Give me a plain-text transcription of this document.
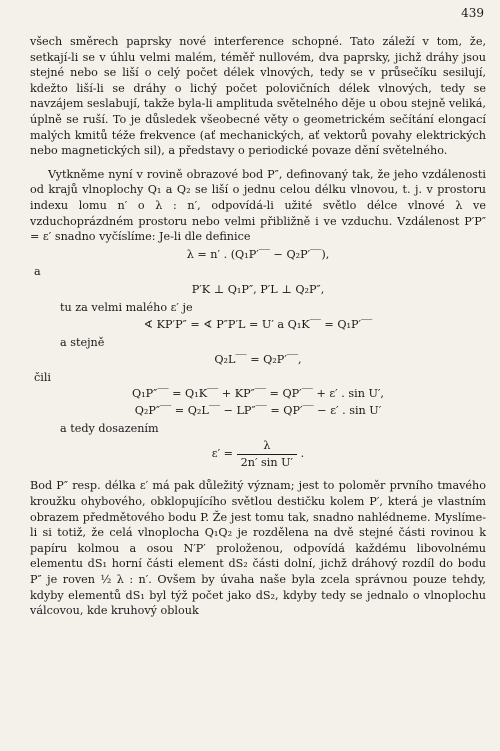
439

všech směrech paprsky nové interference schopné. Tato záleží v tom, že, setkají-li se v úhlu velmi malém, téměř nullovém, dva paprsky, jichž dráhy jsou stejné nebo se liší o celý počet délek vlnových, tedy se v průsečíku sesilují, kdežto liší-li se dráhy o lichý počet polovičních délek vlnových, tedy se navzájem seslabují, takže byla-li amplituda světelného děje u obou stejně veliká, úplně se ruší. To je důsledek všeobecné věty o geometrickém sečítání elongací malých kmitů téže frekvence (ať mechanických, ať vektorů povahy elektrických nebo magnetických sil), a představy o periodické povaze dění světelného.

Vytkněme nyní v rovině obrazové bod P″, definovaný tak, že jeho vzdálenosti od krajů vlnoplochy Q₁ a Q₂ se liší o jednu celou délku vlnovou, t. j. v prostoru indexu lomu n′ o λ : n′, odpovídá-li užité světlo délce vlnové λ ve vzduchoprázdném prostoru nebo velmi přibližně i ve vzduchu. Vzdálenost P′P″ = ε′ snadno vyčíslíme: Je-li dle definice

λ = n′ . (Q₁P′‾‾ − Q₂P′‾‾),

a

P′K ⊥ Q₁P″, P′L ⊥ Q₂P″,

tu za velmi malého ε′ je

∢ KP′P″ = ∢ P″P′L = U′ a Q₁K‾‾ = Q₁P′‾‾

a stejně

Q₂L‾‾ = Q₂P′‾‾,

čili

Q₁P″‾‾ = Q₁K‾‾ + KP″‾‾ = QP′‾‾ + ε′ . sin U′,

Q₂P″‾‾ = Q₂L‾‾ − LP″‾‾ = QP′‾‾ − ε′ . sin U′

a tedy dosazením

$\varepsilon' = \frac{\lambda}{\text{2n′ sin U′}}$ .

Bod P″ resp. délka ε′ má pak důležitý význam; jest to poloměr prvního tmavého kroužku ohybového, obklopujícího světlou destičku kolem P′, která je vlastním obrazem předmětového bodu P. Že jest tomu tak, snadno nahlédneme. Myslíme-li si totiž, že celá vlnoplocha Q₁Q₂ je rozdělena na dvě stejné části rovinou k papíru kolmou a osou N′P′ proloženou, odpovídá každému libovolnému elementu dS₁ horní části element dS₂ části dolní, jichž dráhový rozdíl do bodu P″ je roven ½ λ : n′. Ovšem by úvaha naše byla zcela správnou pouze tehdy, kdyby elementů dS₁ byl týž počet jako dS₂, kdyby tedy se jednalo o vlnoplochu válcovou, kde kruhový oblouk
